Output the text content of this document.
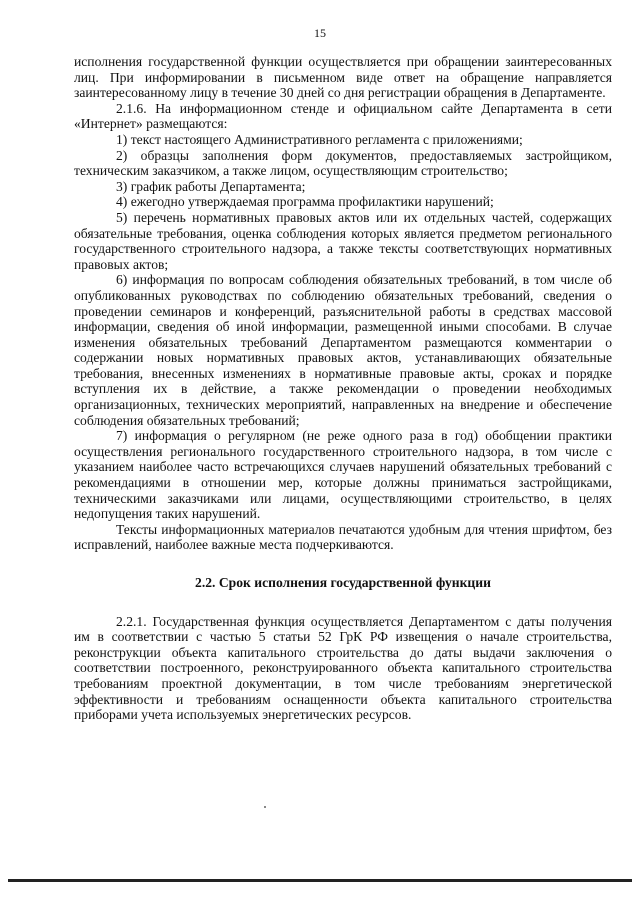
15

исполнения государственной функции осуществляется при обращении заинтересованных лиц. При информировании в письменном виде ответ на обращение направляется заинтересованному лицу в течение 30 дней со дня регистрации обращения в Департаменте.

2.1.6. На информационном стенде и официальном сайте Департамента в сети «Интернет» размещаются:

1) текст настоящего Административного регламента с приложениями;

2) образцы заполнения форм документов, предоставляемых застройщиком, техническим заказчиком, а также лицом, осуществляющим строительство;

3) график работы Департамента;

4) ежегодно утверждаемая программа профилактики нарушений;

5) перечень нормативных правовых актов или их отдельных частей, содержащих обязательные требования, оценка соблюдения которых является предметом регионального государственного строительного надзора, а также тексты соответствующих нормативных правовых актов;

6) информация по вопросам соблюдения обязательных требований, в том числе об опубликованных руководствах по соблюдению обязательных требований, сведения о проведении семинаров и конференций, разъяснительной работы в средствах массовой информации, сведения об иной информации, размещенной иными способами. В случае изменения обязательных требований Департаментом размещаются комментарии о содержании новых нормативных правовых актов, устанавливающих обязательные требования, внесенных изменениях в нормативные правовые акты, сроках и порядке вступления их в действие, а также рекомендации о проведении необходимых организационных, технических мероприятий, направленных на внедрение и обеспечение соблюдения обязательных требований;

7) информация о регулярном (не реже одного раза в год) обобщении практики осуществления регионального государственного строительного надзора, в том числе с указанием наиболее часто встречающихся случаев нарушений обязательных требований с рекомендациями в отношении мер, которые должны приниматься застройщиками, техническими заказчиками или лицами, осуществляющими строительство, в целях недопущения таких нарушений.

Тексты информационных материалов печатаются удобным для чтения шрифтом, без исправлений, наиболее важные места подчеркиваются.

2.2. Срок исполнения государственной функции

2.2.1. Государственная функция осуществляется Департаментом с даты получения им в соответствии с частью 5 статьи 52 ГрК РФ извещения о начале строительства, реконструкции объекта капитального строительства до даты выдачи заключения о соответствии построенного, реконструированного объекта капитального строительства требованиям проектной документации, в том числе требованиям энергетической эффективности и требованиям оснащенности объекта капитального строительства приборами учета используемых энергетических ресурсов.
